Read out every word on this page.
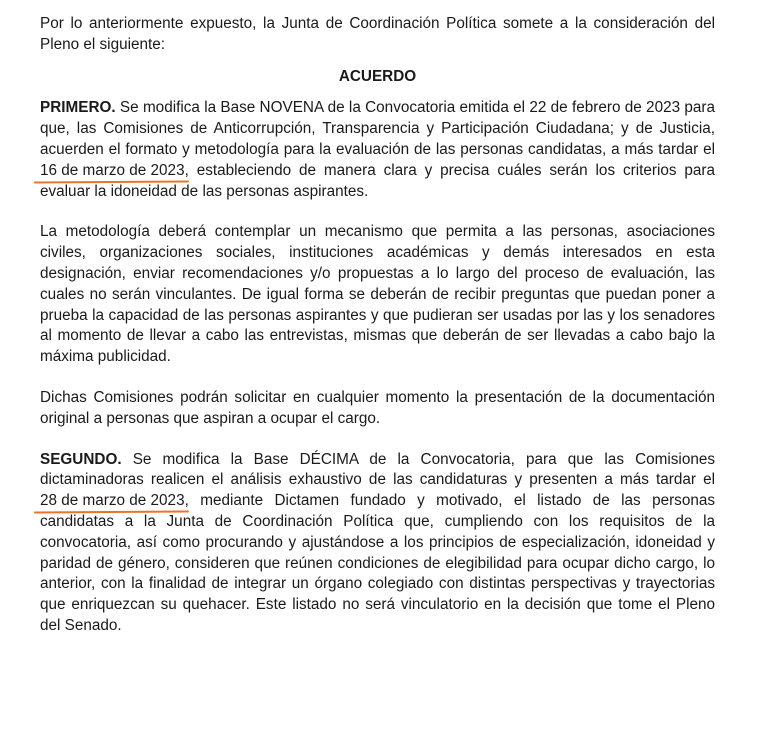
Por lo anteriormente expuesto, la Junta de Coordinación Política somete a la consideración del Pleno el siguiente:

ACUERDO

PRIMERO. Se modifica la Base NOVENA de la Convocatoria emitida el 22 de febrero de 2023 para que, las Comisiones de Anticorrupción, Transparencia y Participación Ciudadana; y de Justicia, acuerden el formato y metodología para la evaluación de las personas candidatas, a más tardar el 16 de marzo de 2023, estableciendo de manera clara y precisa cuáles serán los criterios para evaluar la idoneidad de las personas aspirantes.

La metodología deberá contemplar un mecanismo que permita a las personas, asociaciones civiles, organizaciones sociales, instituciones académicas y demás interesados en esta designación, enviar recomendaciones y/o propuestas a lo largo del proceso de evaluación, las cuales no serán vinculantes. De igual forma se deberán de recibir preguntas que puedan poner a prueba la capacidad de las personas aspirantes y que pudieran ser usadas por las y los senadores al momento de llevar a cabo las entrevistas, mismas que deberán de ser llevadas a cabo bajo la máxima publicidad.

Dichas Comisiones podrán solicitar en cualquier momento la presentación de la documentación original a personas que aspiran a ocupar el cargo.

SEGUNDO. Se modifica la Base DÉCIMA de la Convocatoria, para que las Comisiones dictaminadoras realicen el análisis exhaustivo de las candidaturas y presenten a más tardar el 28 de marzo de 2023, mediante Dictamen fundado y motivado, el listado de las personas candidatas a la Junta de Coordinación Política que, cumpliendo con los requisitos de la convocatoria, así como procurando y ajustándose a los principios de especialización, idoneidad y paridad de género, consideren que reúnen condiciones de elegibilidad para ocupar dicho cargo, lo anterior, con la finalidad de integrar un órgano colegiado con distintas perspectivas y trayectorias que enriquezcan su quehacer. Este listado no será vinculatorio en la decisión que tome el Pleno del Senado.
